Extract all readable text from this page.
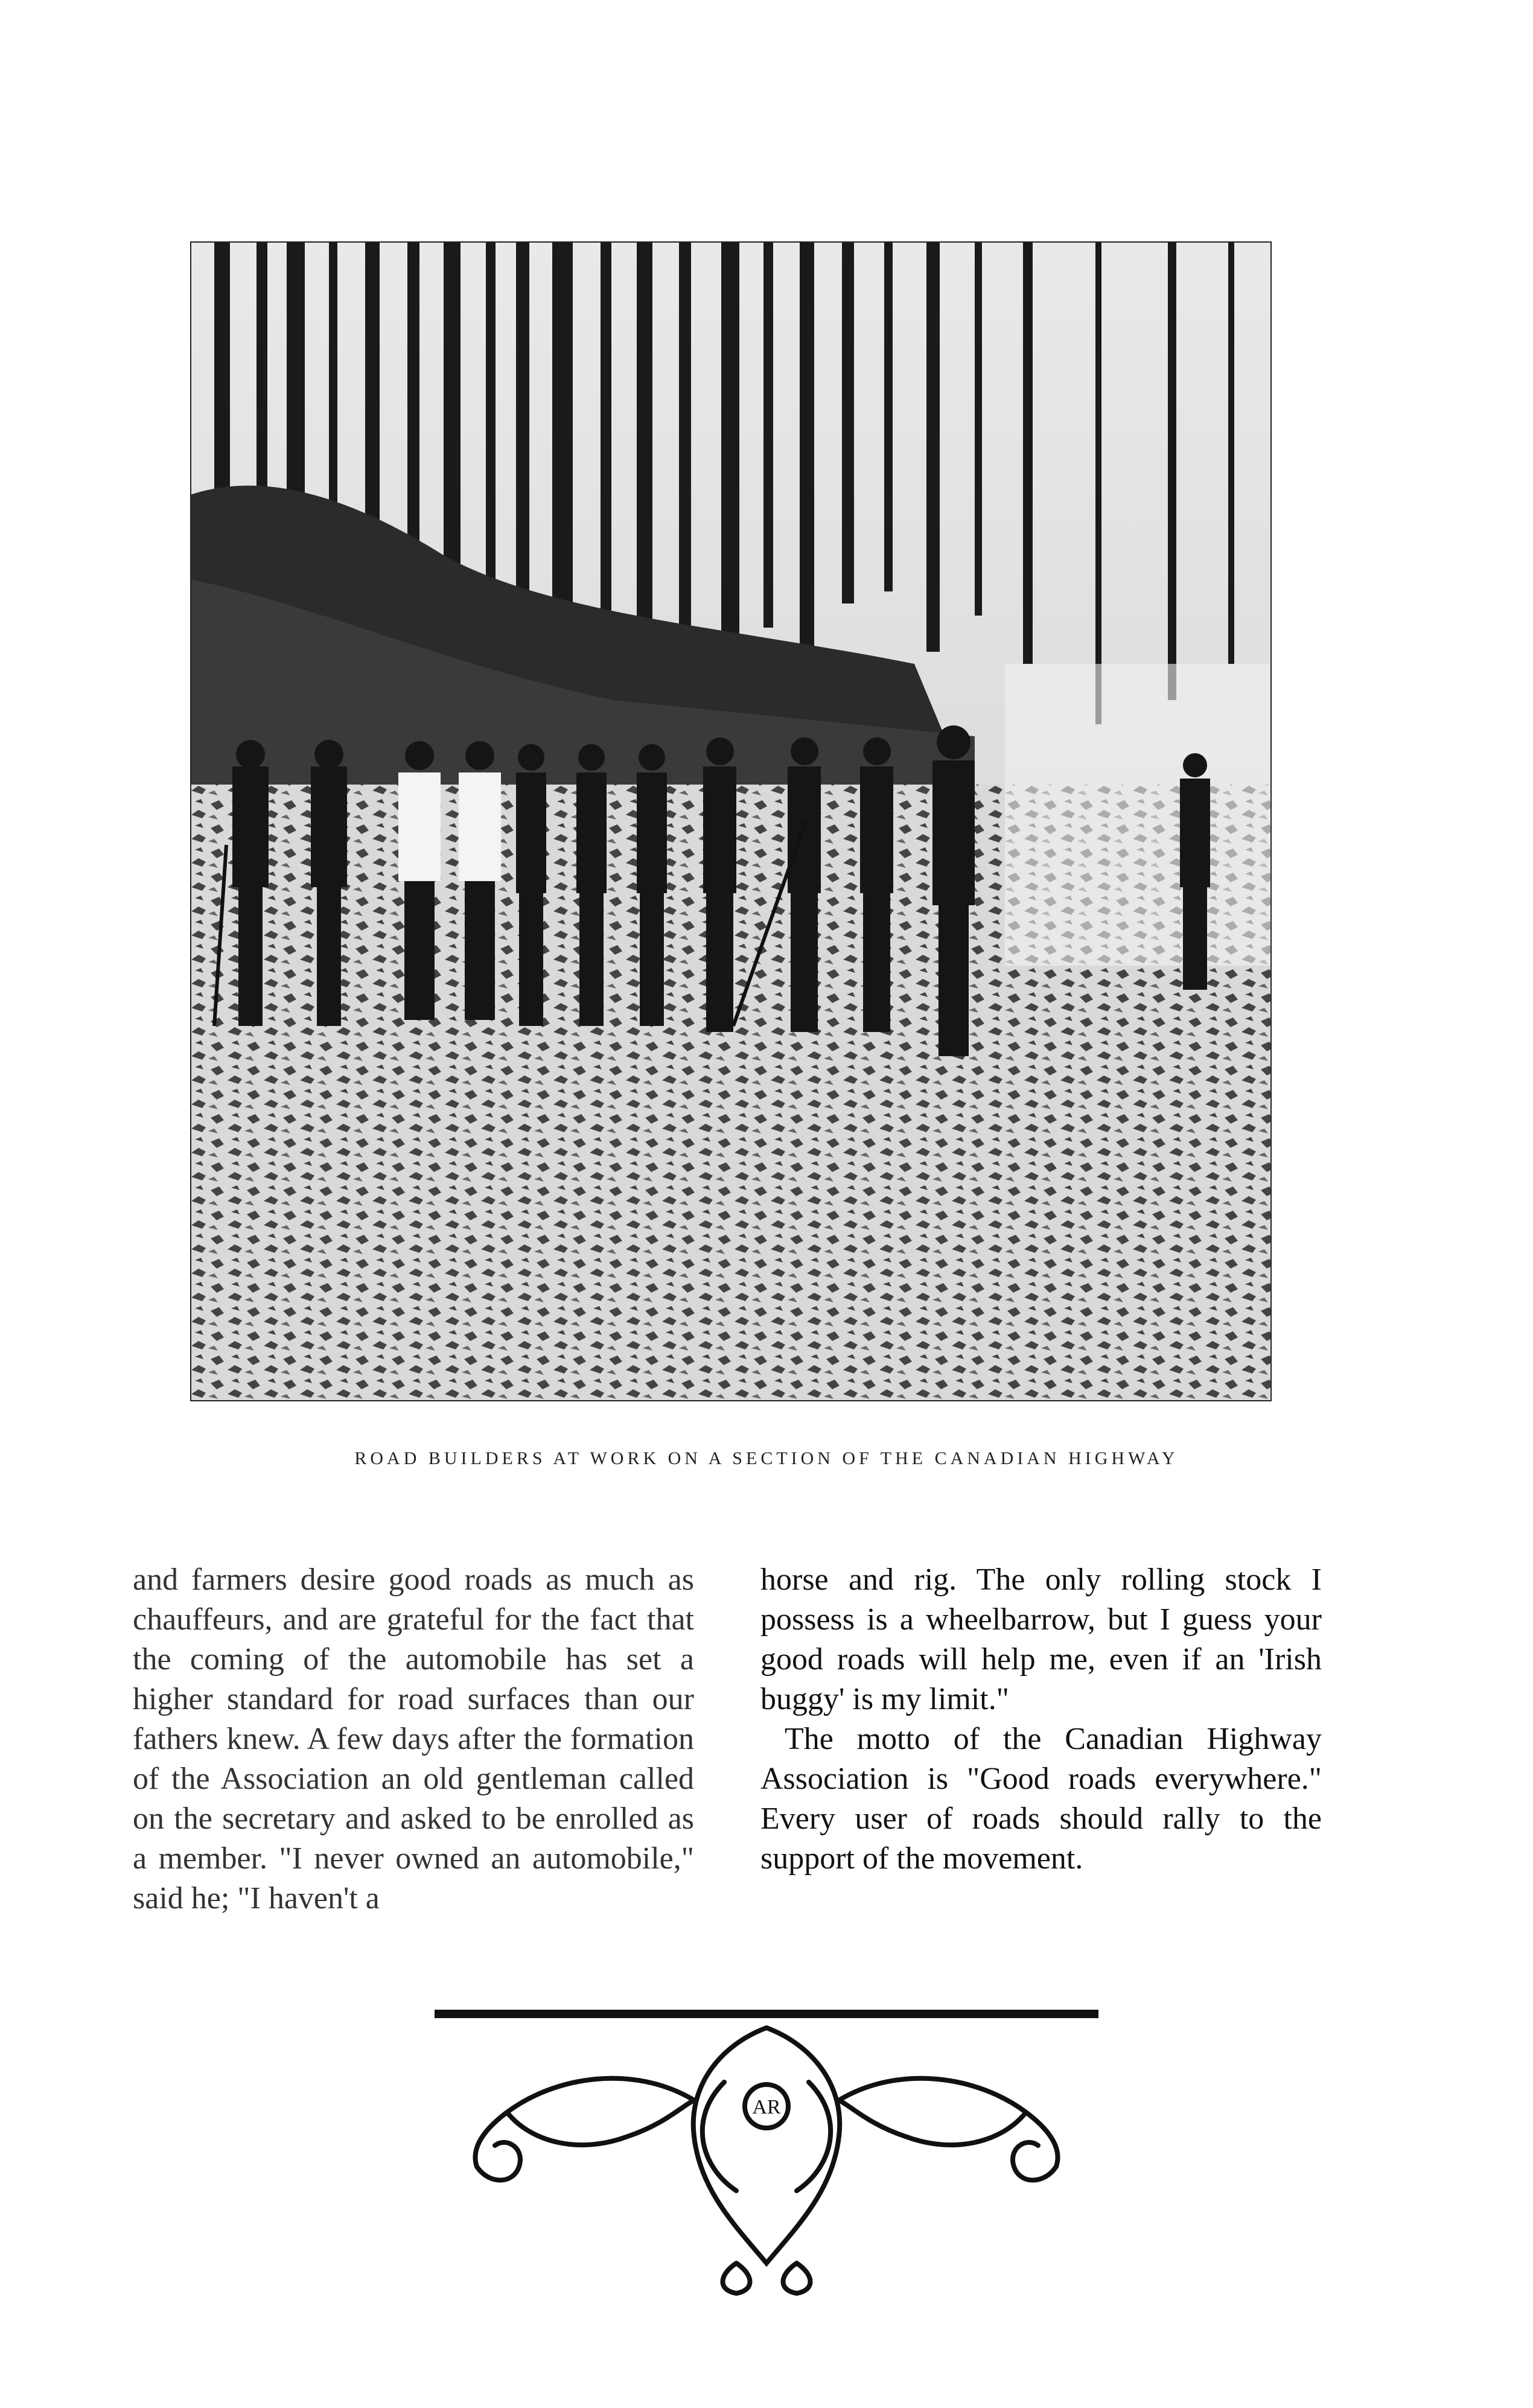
ROAD BUILDERS AT WORK ON A SECTION OF THE CANADIAN HIGHWAY

and farmers desire good roads as much as chauffeurs, and are grateful for the fact that the coming of the automobile has set a higher standard for road surfaces than our fathers knew. A few days after the formation of the Association an old gentleman called on the secretary and asked to be enrolled as a member. "I never owned an automobile," said he; "I haven't a

horse and rig. The only rolling stock I possess is a wheelbarrow, but I guess your good roads will help me, even if an 'Irish buggy' is my limit."

The motto of the Canadian Highway Association is "Good roads everywhere." Every user of roads should rally to the support of the movement.

AR
